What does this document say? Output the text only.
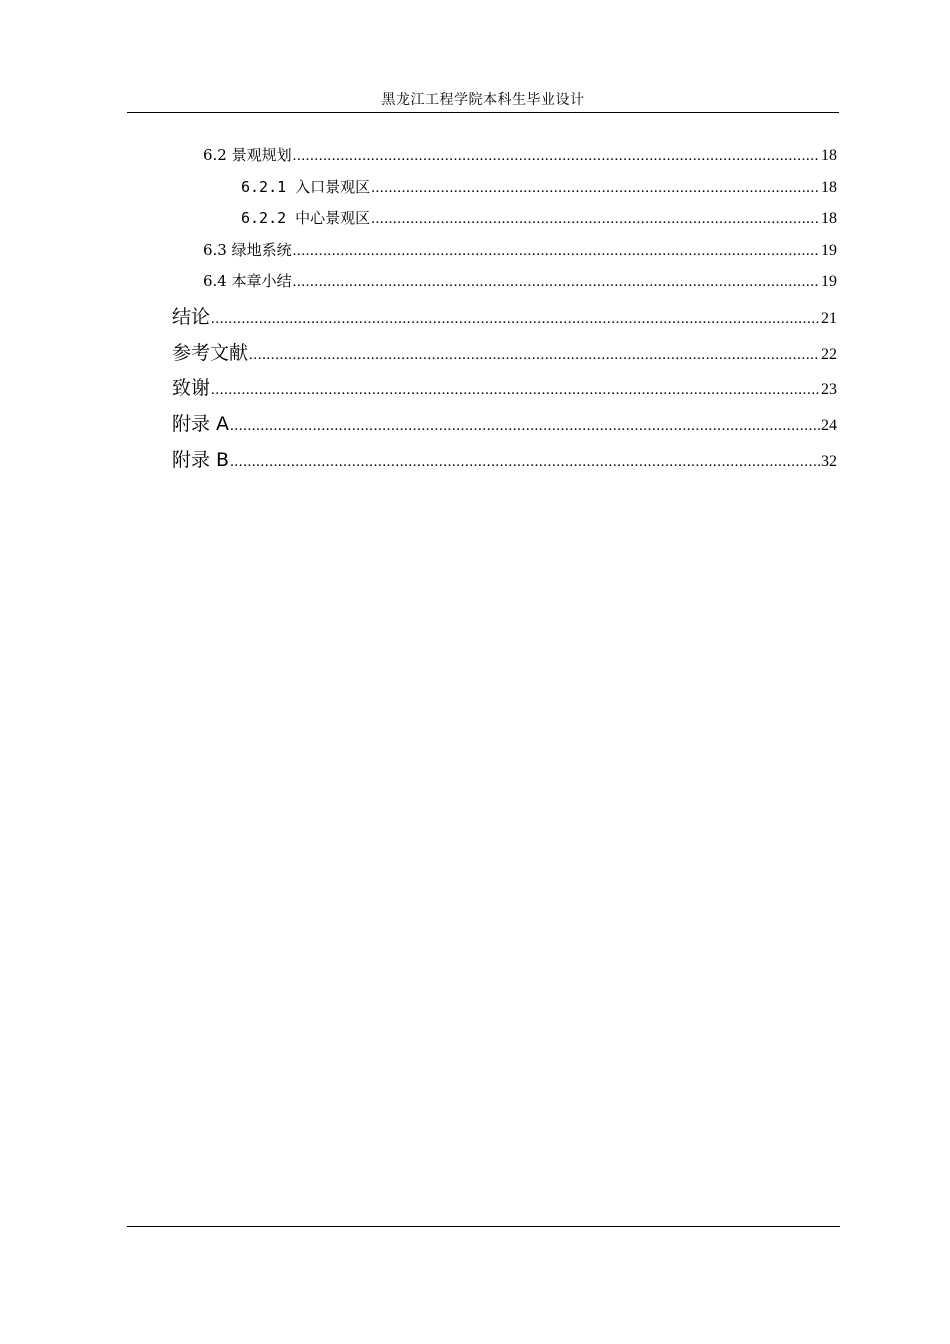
黑龙江工程学院本科生毕业设计
6.2 景观规划 .....	18
6.2.1 入口景观区 .....	18
6.2.2 中心景观区 .....	18
6.3 绿地系统 .....	19
6.4 本章小结 .....	19
结论 .....	21
参考文献 .....	22
致谢 .....	23
附录 A .....	24
附录 B .....	32
